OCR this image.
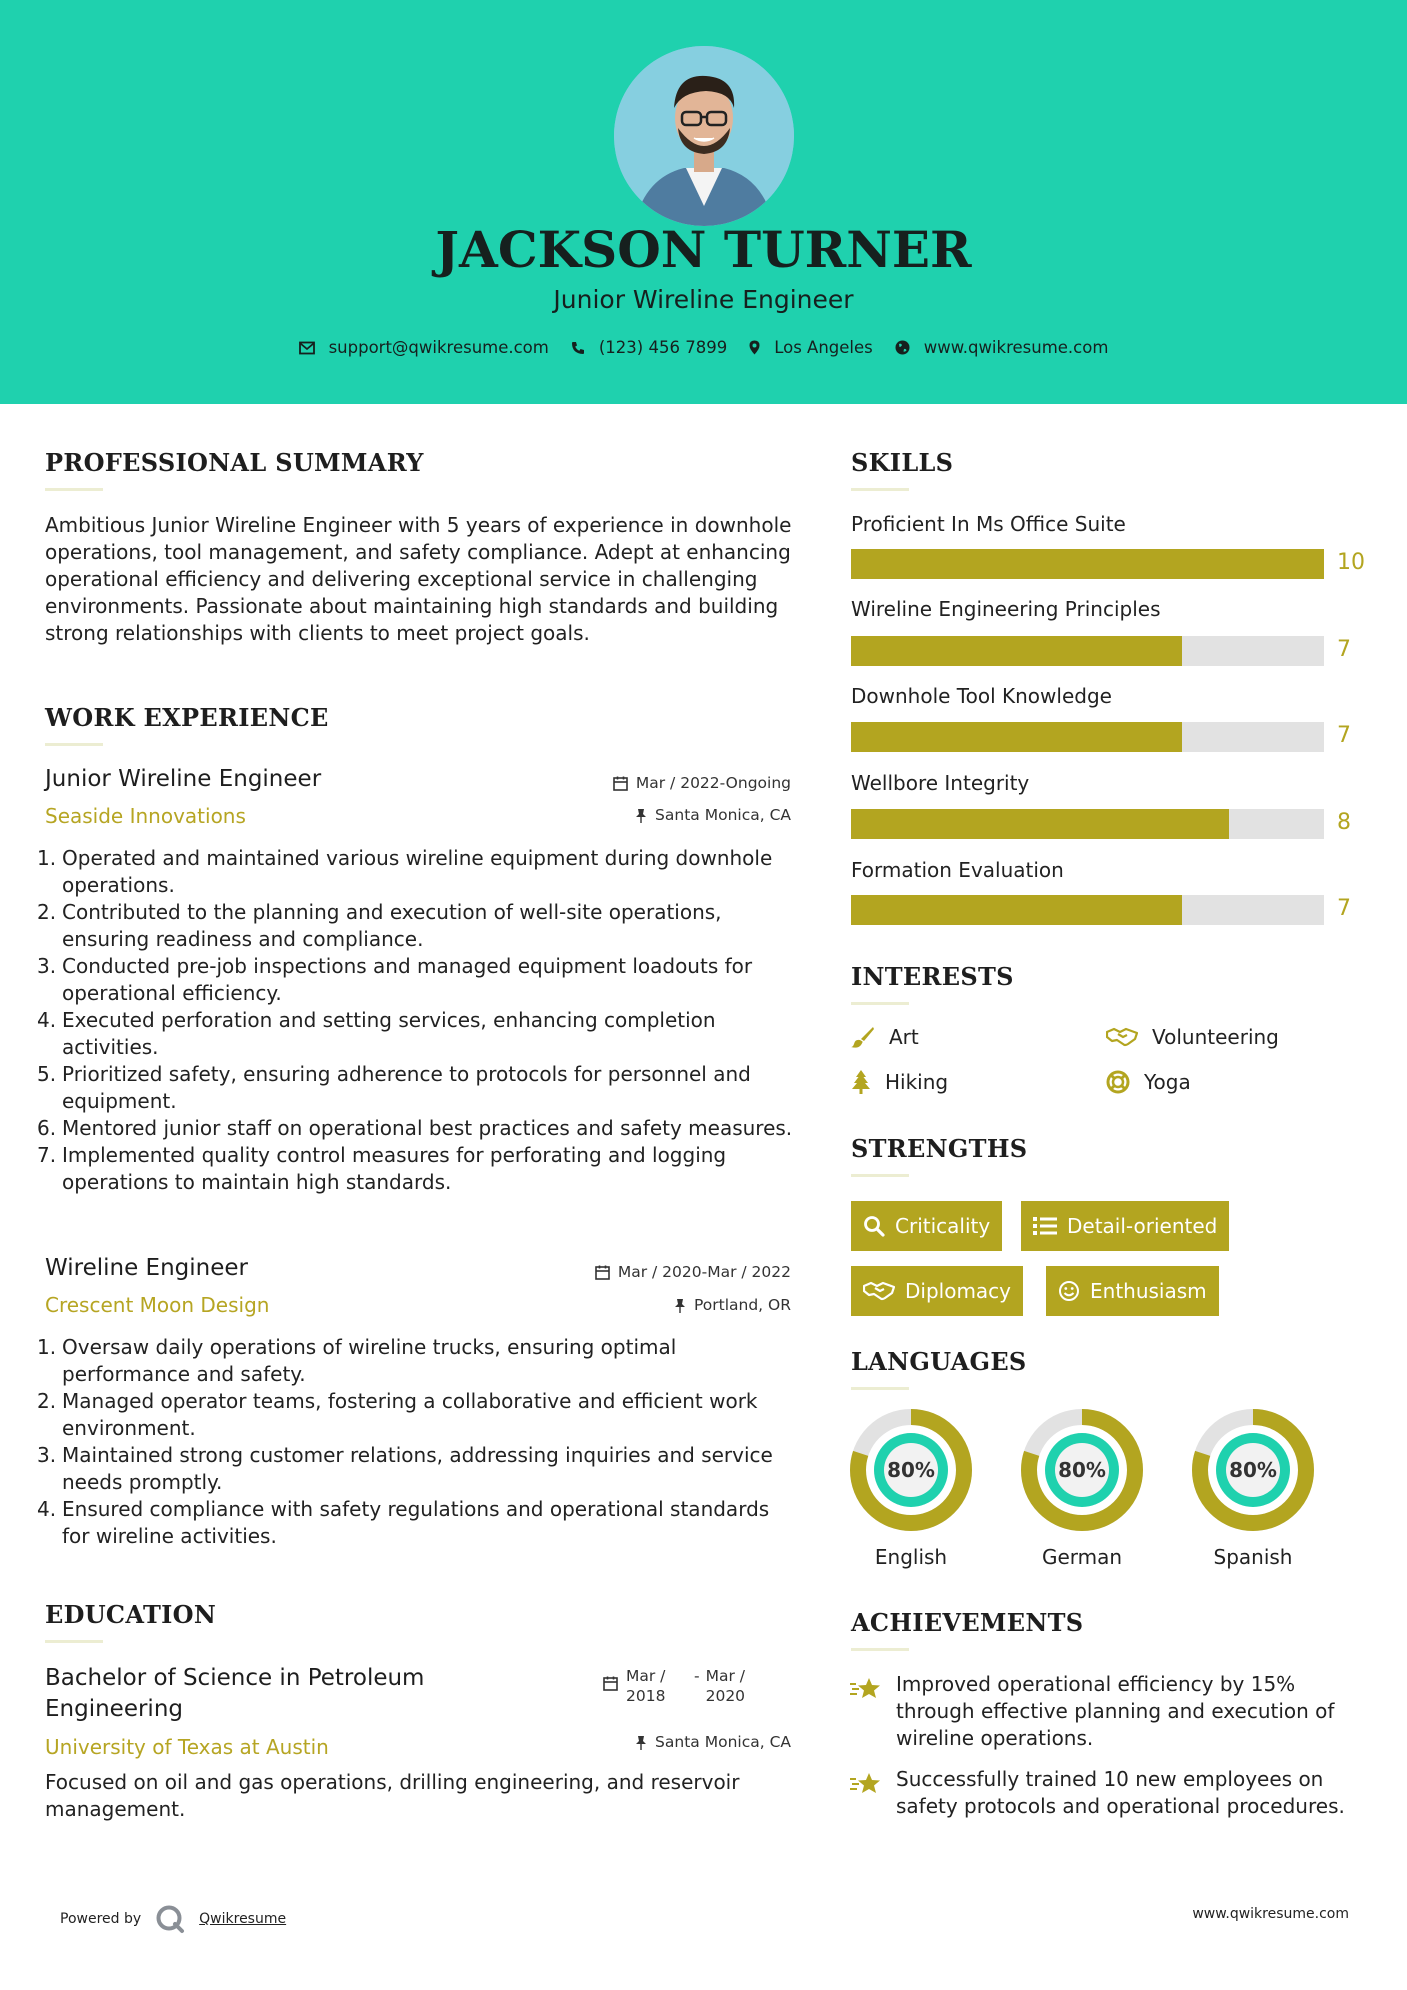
JACKSON TURNER
Junior Wireline Engineer
support@qwikresume.com	(123) 456 7899	Los Angeles	www.qwikresume.com
PROFESSIONAL SUMMARY
Ambitious Junior Wireline Engineer with 5 years of experience in downhole operations, tool management, and safety compliance. Adept at enhancing operational efficiency and delivering exceptional service in challenging environments. Passionate about maintaining high standards and building strong relationships with clients to meet project goals.
WORK EXPERIENCE
Junior Wireline Engineer
Seaside Innovations
Mar / 2022-Ongoing
Santa Monica, CA
1. Operated and maintained various wireline equipment during downhole operations.
2. Contributed to the planning and execution of well-site operations, ensuring readiness and compliance.
3. Conducted pre-job inspections and managed equipment loadouts for operational efficiency.
4. Executed perforation and setting services, enhancing completion activities.
5. Prioritized safety, ensuring adherence to protocols for personnel and equipment.
6. Mentored junior staff on operational best practices and safety measures.
7. Implemented quality control measures for perforating and logging operations to maintain high standards.
Wireline Engineer
Crescent Moon Design
Mar / 2020-Mar / 2022
Portland, OR
1. Oversaw daily operations of wireline trucks, ensuring optimal performance and safety.
2. Managed operator teams, fostering a collaborative and efficient work environment.
3. Maintained strong customer relations, addressing inquiries and service needs promptly.
4. Ensured compliance with safety regulations and operational standards for wireline activities.
EDUCATION
Bachelor of Science in Petroleum Engineering
University of Texas at Austin
Mar / 2018
- Mar / 2020
Santa Monica, CA
Focused on oil and gas operations, drilling engineering, and reservoir management.
SKILLS
Proficient In Ms Office Suite
10
Wireline Engineering Principles
7
Downhole Tool Knowledge
7
Wellbore Integrity
8
Formation Evaluation
7
INTERESTS
Art	Volunteering
Hiking	Yoga
STRENGTHS
Criticality	Detail-oriented
Diplomacy	Enthusiasm
LANGUAGES
80%	80%	80%
English	German	Spanish
ACHIEVEMENTS
Improved operational efficiency by 15% through effective planning and execution of wireline operations.
Successfully trained 10 new employees on safety protocols and operational procedures.
Powered by	Qwikresume	www.qwikresume.com
